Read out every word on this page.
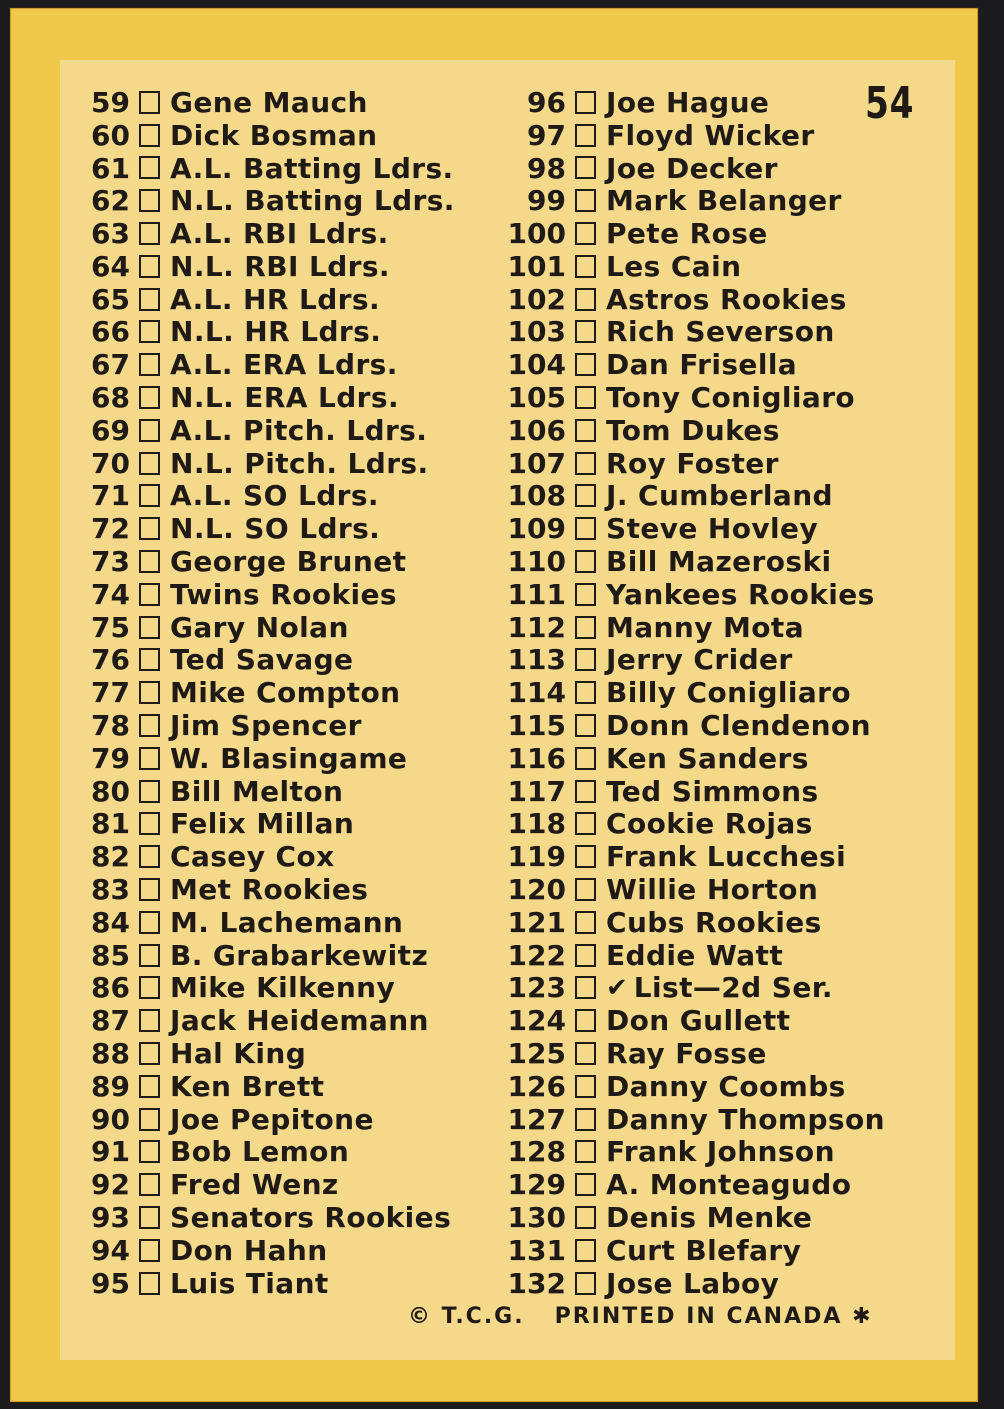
54
59 Gene Mauch
60 Dick Bosman
61 A.L. Batting Ldrs.
62 N.L. Batting Ldrs.
63 A.L. RBI Ldrs.
64 N.L. RBI Ldrs.
65 A.L. HR Ldrs.
66 N.L. HR Ldrs.
67 A.L. ERA Ldrs.
68 N.L. ERA Ldrs.
69 A.L. Pitch. Ldrs.
70 N.L. Pitch. Ldrs.
71 A.L. SO Ldrs.
72 N.L. SO Ldrs.
73 George Brunet
74 Twins Rookies
75 Gary Nolan
76 Ted Savage
77 Mike Compton
78 Jim Spencer
79 W. Blasingame
80 Bill Melton
81 Felix Millan
82 Casey Cox
83 Met Rookies
84 M. Lachemann
85 B. Grabarkewitz
86 Mike Kilkenny
87 Jack Heidemann
88 Hal King
89 Ken Brett
90 Joe Pepitone
91 Bob Lemon
92 Fred Wenz
93 Senators Rookies
94 Don Hahn
95 Luis Tiant
96 Joe Hague
97 Floyd Wicker
98 Joe Decker
99 Mark Belanger
100 Pete Rose
101 Les Cain
102 Astros Rookies
103 Rich Severson
104 Dan Frisella
105 Tony Conigliaro
106 Tom Dukes
107 Roy Foster
108 J. Cumberland
109 Steve Hovley
110 Bill Mazeroski
111 Yankees Rookies
112 Manny Mota
113 Jerry Crider
114 Billy Conigliaro
115 Donn Clendenon
116 Ken Sanders
117 Ted Simmons
118 Cookie Rojas
119 Frank Lucchesi
120 Willie Horton
121 Cubs Rookies
122 Eddie Watt
123 ✔ List—2d Ser.
124 Don Gullett
125 Ray Fosse
126 Danny Coombs
127 Danny Thompson
128 Frank Johnson
129 A. Monteagudo
130 Denis Menke
131 Curt Blefary
132 Jose Laboy
© T.C.G. PRINTED IN CANADA ✱
